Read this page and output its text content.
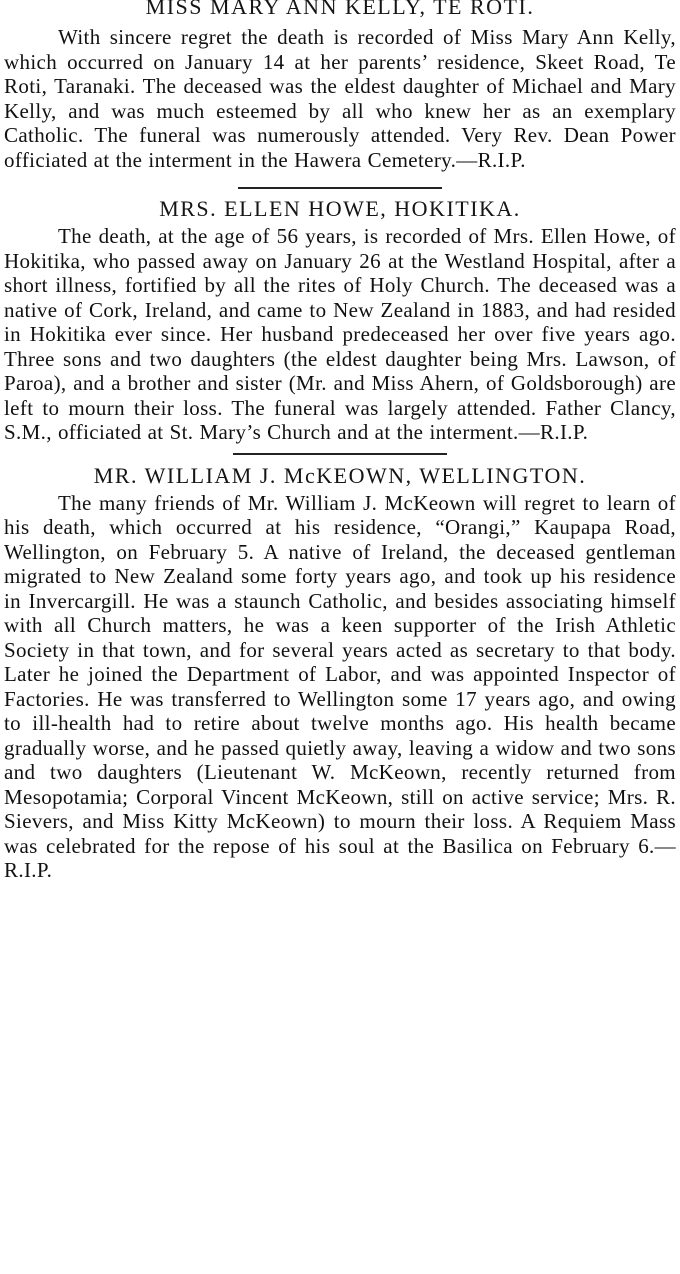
MISS MARY ANN KELLY, TE ROTI.

With sincere regret the death is recorded of Miss Mary Ann Kelly, which occurred on January 14 at her parents’ residence, Skeet Road, Te Roti, Taranaki. The deceased was the eldest daughter of Michael and Mary Kelly, and was much esteemed by all who knew her as an exemplary Catholic. The funeral was numerously attended. Very Rev. Dean Power officiated at the interment in the Hawera Cemetery.—R.I.P.

MRS. ELLEN HOWE, HOKITIKA.

The death, at the age of 56 years, is recorded of Mrs. Ellen Howe, of Hokitika, who passed away on January 26 at the Westland Hospital, after a short illness, fortified by all the rites of Holy Church. The deceased was a native of Cork, Ireland, and came to New Zealand in 1883, and had resided in Hokitika ever since. Her husband predeceased her over five years ago. Three sons and two daughters (the eldest daughter being Mrs. Lawson, of Paroa), and a brother and sister (Mr. and Miss Ahern, of Goldsborough) are left to mourn their loss. The funeral was largely attended. Father Clancy, S.M., officiated at St. Mary’s Church and at the interment.—R.I.P.

MR. WILLIAM J. McKEOWN, WELLINGTON.

The many friends of Mr. William J. McKeown will regret to learn of his death, which occurred at his residence, “Orangi,” Kaupapa Road, Wellington, on February 5. A native of Ireland, the deceased gentleman migrated to New Zealand some forty years ago, and took up his residence in Invercargill. He was a staunch Catholic, and besides associating himself with all Church matters, he was a keen supporter of the Irish Athletic Society in that town, and for several years acted as secretary to that body. Later he joined the Department of Labor, and was appointed Inspector of Factories. He was transferred to Wellington some 17 years ago, and owing to ill-health had to retire about twelve months ago. His health became gradually worse, and he passed quietly away, leaving a widow and two sons and two daughters (Lieutenant W. McKeown, recently returned from Mesopotamia; Corporal Vincent McKeown, still on active service; Mrs. R. Sievers, and Miss Kitty McKeown) to mourn their loss. A Requiem Mass was celebrated for the repose of his soul at the Basilica on February 6.—R.I.P.
